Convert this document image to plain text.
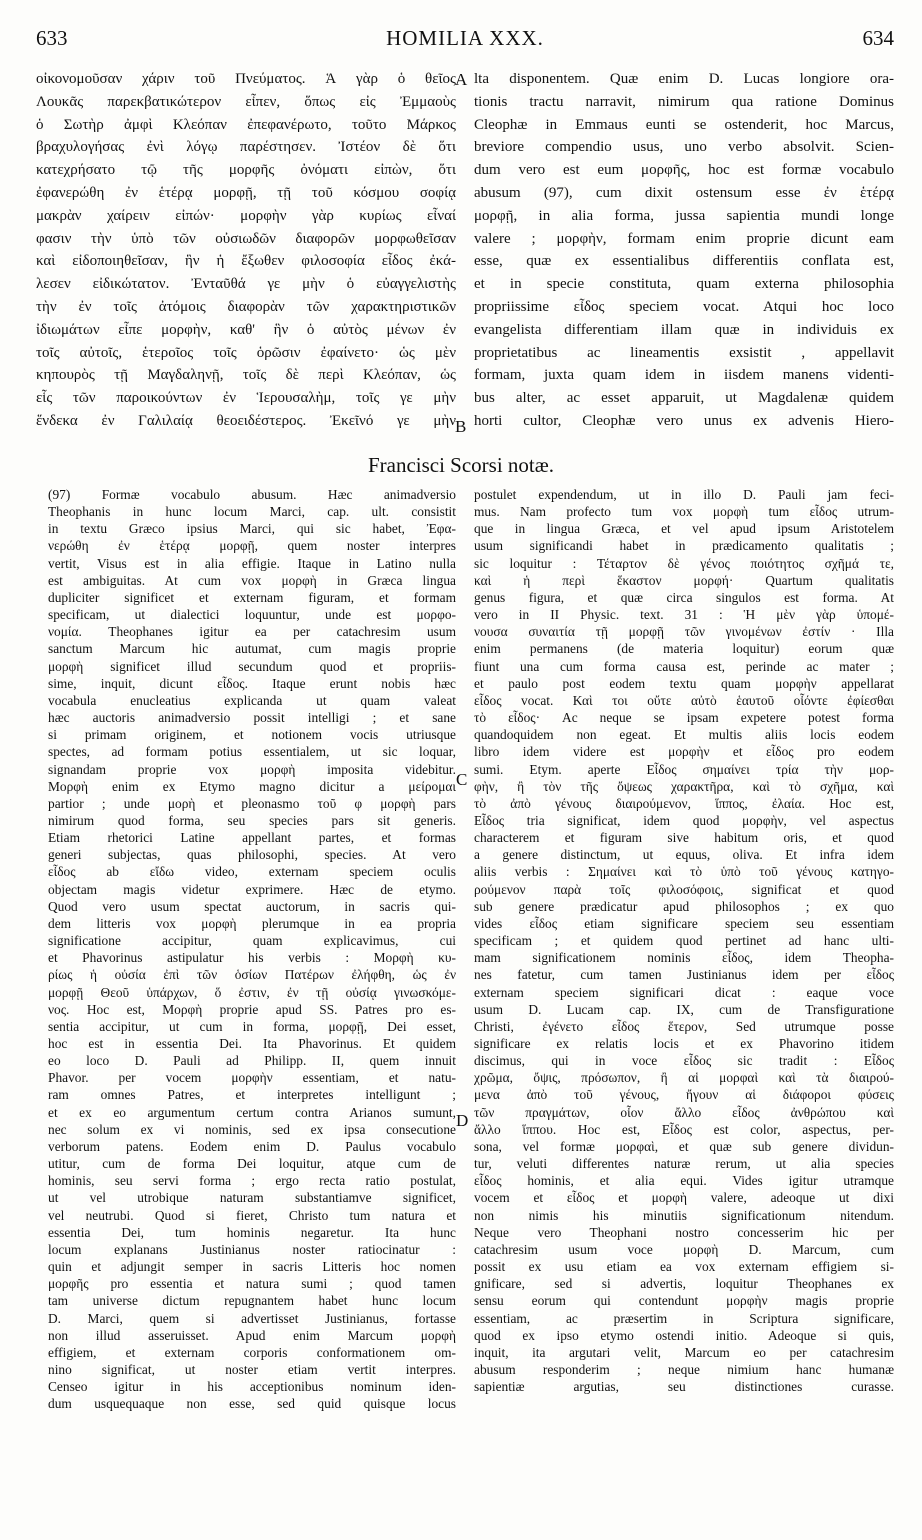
633	HOMILIA XXX.	634
οἰκονομοῦσαν χάριν τοῦ Πνεύματος. Ἁ γὰρ ὁ θεῖος
Λουκᾶς παρεκβατικώτερον εἶπεν, ὅπως εἰς Ἐμμαοὺς
ὁ Σωτὴρ ἀμφὶ Κλεόπαν ἐπεφανέρωτο, τοῦτο Μάρκος
βραχυλογήσας ἐνὶ λόγῳ παρέστησεν. Ἰστέον δὲ ὅτι
κατεχρήσατο τῷ τῆς μορφῆς ὀνόματι εἰπὼν, ὅτι
ἐφανερώθη ἐν ἑτέρᾳ μορφῇ, τῇ τοῦ κόσμου σοφίᾳ
μακρὰν χαίρειν εἰπών· μορφὴν γὰρ κυρίως εἶναί
φασιν τὴν ὑπὸ τῶν οὐσιωδῶν διαφορῶν μορφωθεῖσαν
καὶ εἰδοποιηθεῖσαν, ἣν ἡ ἔξωθεν φιλοσοφία εἶδος ἐκά-
λεσεν εἰδικώτατον. Ἐνταῦθά γε μὴν ὁ εὐαγγελιστὴς
τὴν ἐν τοῖς ἀτόμοις διαφορὰν τῶν χαρακτηριστικῶν
ἰδιωμάτων εἶπε μορφὴν, καθ' ἣν ὁ αὐτὸς μένων ἐν
τοῖς αὐτοῖς, ἑτεροῖος τοῖς ὁρῶσιν ἐφαίνετο· ὡς μὲν
κηπουρὸς τῇ Μαγδαληνῇ, τοῖς δὲ περὶ Κλεόπαν, ὡς
εἷς τῶν παροικούντων ἐν Ἱερουσαλὴμ, τοῖς γε μὴν
ἕνδεκα ἐν Γαλιλαίᾳ θεοειδέστερος. Ἐκεῖνό γε μὴν
lta disponentem. Quæ enim D. Lucas longiore ora-
tionis tractu narravit, nimirum qua ratione Dominus
Cleophæ in Emmaus eunti se ostenderit, hoc Marcus,
breviore compendio usus, uno verbo absolvit. Scien-
dum vero est eum μορφῆς, hoc est formæ vocabulo
abusum (97), cum dixit ostensum esse ἐν ἑτέρᾳ
μορφῇ, in alia forma, jussa sapientia mundi longe
valere ; μορφὴν, formam enim proprie dicunt eam
esse, quæ ex essentialibus differentiis conflata est,
et in specie constituta, quam externa philosophia
propriissime εἶδος speciem vocat. Atqui hoc loco
evangelista differentiam illam quæ in individuis ex
proprietatibus ac lineamentis exsistit , appellavit
formam, juxta quam idem in iisdem manens videnti-
bus alter, ac esset apparuit, ut Magdalenæ quidem
horti cultor, Cleophæ vero unus ex advenis Hiero-
A
B
C
D
Francisci Scorsi notæ.
(97) Formæ vocabulo abusum. Hæc animadversio
Theophanis in hunc locum Marci, cap. ult. consistit
in textu Græco ipsius Marci, qui sic habet, Ἐφα-
νερώθη ἐν ἑτέρᾳ μορφῇ, quem noster interpres
vertit, Visus est in alia effigie. Itaque in Latino nulla
est ambiguitas. At cum vox μορφὴ in Græca lingua
dupliciter significet et externam figuram, et formam
specificam, ut dialectici loquuntur, unde est μορφο-
νομία. Theophanes igitur ea per catachresim usum
sanctum Marcum hic autumat, cum magis proprie
μορφὴ significet illud secundum quod et propriis-
sime, inquit, dicunt εἶδος. Itaque erunt nobis hæc
vocabula enucleatius explicanda ut quam valeat
hæc auctoris animadversio possit intelligi ; et sane
si primam originem, et notionem vocis utriusque
spectes, ad formam potius essentialem, ut sic loquar,
signandam proprie vox μορφὴ imposita videbitur.
Μορφὴ enim ex Etymo magno dicitur a μείρομαι
partior ; unde μορὴ et pleonasmo τοῦ φ μορφὴ pars
nimirum quod forma, seu species pars sit generis.
Etiam rhetorici Latine appellant partes, et formas
generi subjectas, quas philosophi, species. At vero
εἶδος ab εἴδω video, externam speciem oculis
objectam magis videtur exprimere. Hæc de etymo.
Quod vero usum spectat auctorum, in sacris qui-
dem litteris vox μορφὴ plerumque in ea propria
significatione accipitur, quam explicavimus, cui
et Phavorinus astipulatur his verbis : Μορφὴ κυ-
ρίως ἡ οὐσία ἐπὶ τῶν ὁσίων Πατέρων ἐλήφθη, ὡς ἐν
μορφῇ Θεοῦ ὑπάρχων, ὅ ἐστιν, ἐν τῇ οὐσίᾳ γινωσκόμε-
νος. Hoc est, Μορφὴ proprie apud SS. Patres pro es-
sentia accipitur, ut cum in forma, μορφῇ, Dei esset,
hoc est in essentia Dei. Ita Phavorinus. Et quidem
eo loco D. Pauli ad Philipp. II, quem innuit
Phavor. per vocem μορφὴν essentiam, et natu-
ram omnes Patres, et interpretes intelligunt ;
et ex eo argumentum certum contra Arianos sumunt,
nec solum ex vi nominis, sed ex ipsa consecutione
verborum patens. Eodem enim D. Paulus vocabulo
utitur, cum de forma Dei loquitur, atque cum de
hominis, seu servi forma ; ergo recta ratio postulat,
ut vel utrobique naturam substantiamve significet,
vel neutrubi. Quod si fieret, Christo tum natura et
essentia Dei, tum hominis negaretur. Ita hunc
locum explanans Justinianus noster ratiocinatur :
quin et adjungit semper in sacris Litteris hoc nomen
μορφῆς pro essentia et natura sumi ; quod tamen
tam universe dictum repugnantem habet hunc locum
D. Marci, quem si advertisset Justinianus, fortasse
non illud asseruisset. Apud enim Marcum μορφὴ
effigiem, et externam corporis conformationem om-
nino significat, ut noster etiam vertit interpres.
Censeo igitur in his acceptionibus nominum iden-
dum usquequaque non esse, sed quid quisque locus
postulet expendendum, ut in illo D. Pauli jam feci-
mus. Nam profecto tum vox μορφὴ tum εἶδος utrum-
que in lingua Græca, et vel apud ipsum Aristotelem
usum significandi habet in prædicamento qualitatis ;
sic loquitur : Τέταρτον δὲ γένος ποιότητος σχῆμά τε,
καὶ ἡ περὶ ἕκαστον μορφή· Quartum qualitatis
genus figura, et quæ circa singulos est forma. At
vero in II Physic. text. 31 : Ἡ μὲν γὰρ ὑπομέ-
νουσα συναιτία τῇ μορφῇ τῶν γινομένων ἐστίν · Illa
enim permanens (de materia loquitur) eorum quæ
fiunt una cum forma causa est, perinde ac mater ;
et paulo post eodem textu quam μορφὴν appellarat
εἶδος vocat. Καὶ τοι οὔτε αὐτὸ ἑαυτοῦ οἷόντε ἐφίεσθαι
τὸ εἶδος· Ac neque se ipsam expetere potest forma
quandoquidem non egeat. Et multis aliis locis eodem
libro idem videre est μορφὴν et εἶδος pro eodem
sumi. Etym. aperte Εἶδος σημαίνει τρία τὴν μορ-
φὴν, ἢ τὸν τῆς ὄψεως χαρακτῆρα, καὶ τὸ σχῆμα, καὶ
τὸ ἀπὸ γένους διαιρούμενον, ἵππος, ἐλαία. Hoc est,
Εἶδος tria significat, idem quod μορφὴν, vel aspectus
characterem et figuram sive habitum oris, et quod
a genere distinctum, ut equus, oliva. Et infra idem
aliis verbis : Σημαίνει καὶ τὸ ὑπὸ τοῦ γένους κατηγο-
ρούμενον παρὰ τοῖς φιλοσόφοις, significat et quod
sub genere prædicatur apud philosophos ; ex quo
vides εἶδος etiam significare speciem seu essentiam
specificam ; et quidem quod pertinet ad hanc ulti-
mam significationem nominis εἶδος, idem Theopha-
nes fatetur, cum tamen Justinianus idem per εἶδος
externam speciem significari dicat : eaque voce
usum D. Lucam cap. IX, cum de Transfiguratione
Christi, ἐγένετο εἶδος ἕτερον, Sed utrumque posse
significare ex relatis locis et ex Phavorino itidem
discimus, qui in voce εἶδος sic tradit : Εἶδος
χρῶμα, ὄψις, πρόσωπον, ἢ αἱ μορφαὶ καὶ τὰ διαιρού-
μενα ἀπὸ τοῦ γένους, ἤγουν αἱ διάφοροι φύσεις
τῶν πραγμάτων, οἷον ἄλλο εἶδος ἀνθρώπου καὶ
ἄλλο ἵππου. Hoc est, Εἶδος est color, aspectus, per-
sona, vel formæ μορφαὶ, et quæ sub genere dividun-
tur, veluti differentes naturæ rerum, ut alia species
εἶδος hominis, et alia equi. Vides igitur utramque
vocem et εἶδος et μορφὴ valere, adeoque ut dixi
non nimis his minutiis significationum nitendum.
Neque vero Theophani nostro concesserim hic per
catachresim usum voce μορφὴ D. Marcum, cum
possit ex usu etiam ea vox externam effigiem si-
gnificare, sed si advertis, loquitur Theophanes ex
sensu eorum qui contendunt μορφὴν magis proprie
essentiam, ac præsertim in Scriptura significare,
quod ex ipso etymo ostendi initio. Adeoque si quis,
inquit, ita argutari velit, Marcum eo per catachresim
abusum responderim ; neque nimium hanc humanæ
sapientiæ argutias, seu distinctiones curasse.
